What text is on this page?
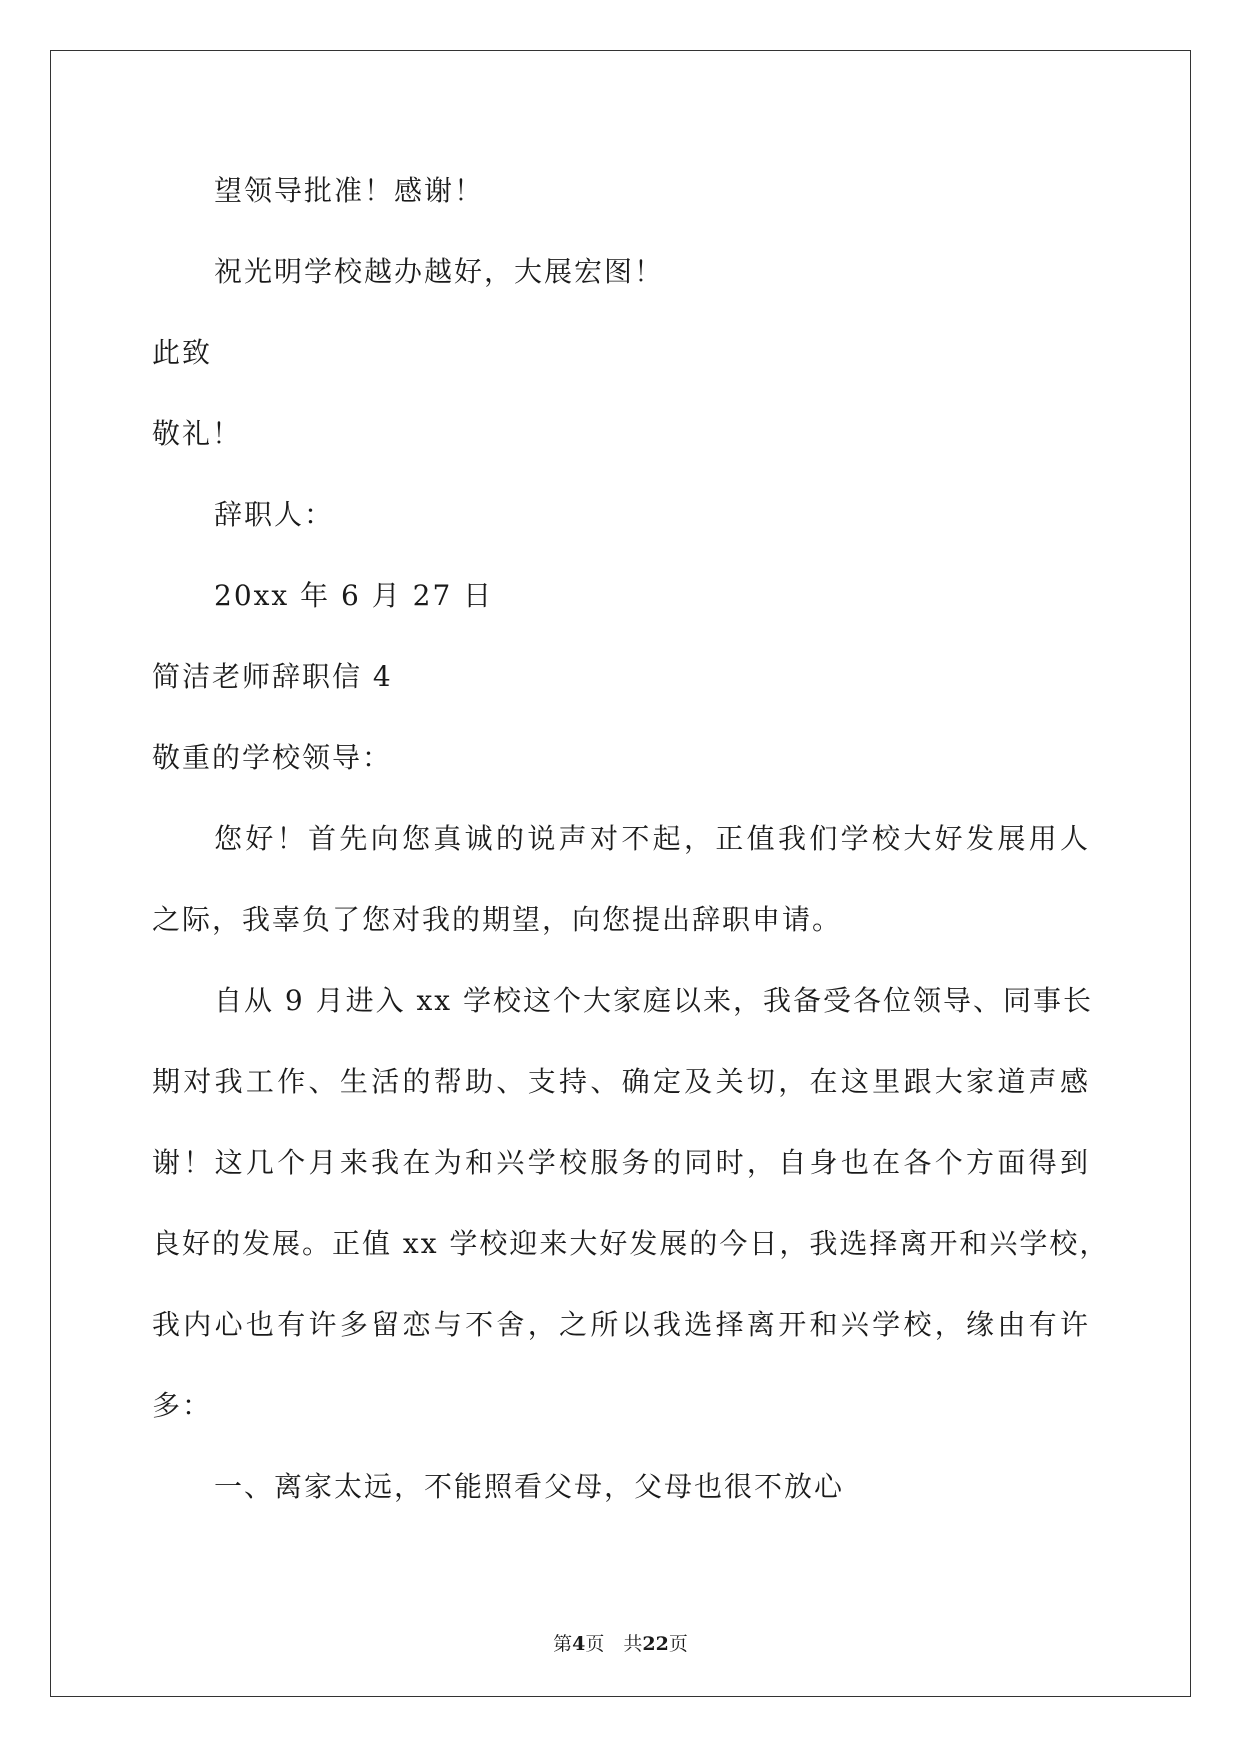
望领导批准！感谢！
祝光明学校越办越好，大展宏图！
此致
敬礼！
辞职人：
20xx 年 6 月 27 日
简洁老师辞职信 4
敬重的学校领导：
您好！首先向您真诚的说声对不起，正值我们学校大好发展用人
之际，我辜负了您对我的期望，向您提出辞职申请。
自从 9 月进入 xx 学校这个大家庭以来，我备受各位领导、同事长
期对我工作、生活的帮助、支持、确定及关切，在这里跟大家道声感
谢！这几个月来我在为和兴学校服务的同时，自身也在各个方面得到
良好的发展。正值 xx 学校迎来大好发展的今日，我选择离开和兴学校，
我内心也有许多留恋与不舍，之所以我选择离开和兴学校，缘由有许
多：
一、离家太远，不能照看父母，父母也很不放心
第4页　共22页
